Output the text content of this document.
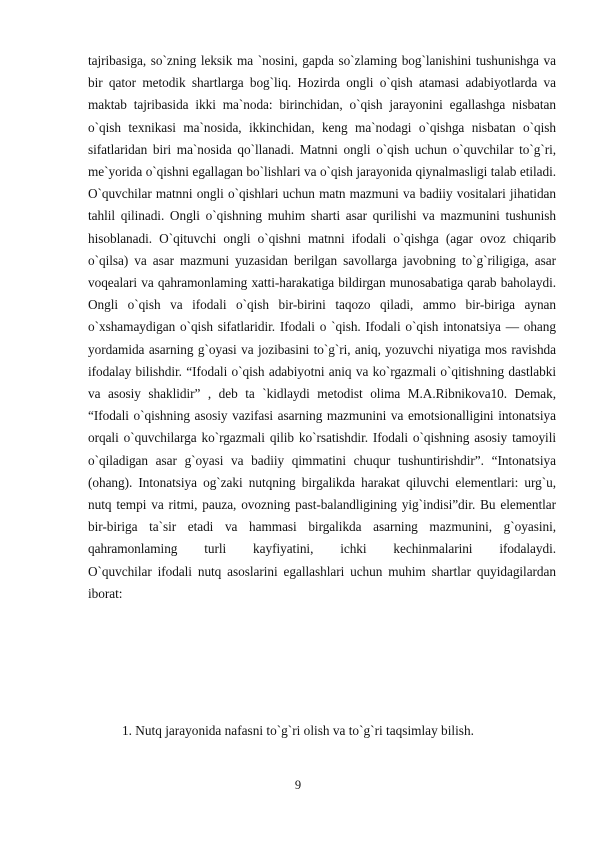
tajribasiga, so`zning leksik ma `nosini, gapda so`zlaming bog`lanishini tushunishga va bir qator metodik shartlarga bog`liq. Hozirda ongli o`qish atamasi adabiyotlarda va maktab tajribasida ikki ma`noda: birinchidan, o`qish jarayonini egallashga nisbatan o`qish texnikasi ma`nosida, ikkinchidan, keng ma`nodagi o`qishga nisbatan o`qish sifatlaridan biri ma`nosida qo`llanadi. Matnni ongli o`qish uchun o`quvchilar to`g`ri, me`yorida o`qishni egallagan bo`lishlari va o`qish jarayonida qiynalmasligi talab etiladi. O`quvchilar matnni ongli o`qishlari uchun matn mazmuni va badiiy vositalari jihatidan tahlil qilinadi. Ongli o`qishning muhim sharti asar qurilishi va mazmunini tushunish hisoblanadi. O`qituvchi ongli o`qishni matnni ifodali o`qishga (agar ovoz chiqarib o`qilsa) va asar mazmuni yuzasidan berilgan savollarga javobning to`g`riligiga, asar voqealari va qahramonlaming xatti-harakatiga bildirgan munosabatiga qarab baholaydi. Ongli o`qish va ifodali o`qish bir-birini taqozo qiladi, ammo bir-biriga aynan o`xshamaydigan o`qish sifatlaridir. Ifodali o `qish. Ifodali o`qish intonatsiya — ohang yordamida asarning g`oyasi va jozibasini to`g`ri, aniq, yozuvchi niyatiga mos ravishda ifodalay bilishdir. “Ifodali o`qish adabiyotni aniq va ko`rgazmali o`qitishning dastlabki va asosiy shaklidir” , deb ta `kidlaydi metodist olima M.A.Ribnikova10. Demak, “Ifodali o`qishning asosiy vazifasi asarning mazmunini va emotsionalligini intonatsiya orqali o`quvchilarga ko`rgazmali qilib ko`rsatishdir. Ifodali o`qishning asosiy tamoyili o`qiladigan asar g`oyasi va badiiy qimmatini chuqur tushuntirishdir”. “Intonatsiya (ohang). Intonatsiya og`zaki nutqning birgalikda harakat qiluvchi elementlari: urg`u, nutq tempi va ritmi, pauza, ovozning past-balandligining yig`indisi”dir. Bu elementlar bir-biriga ta`sir etadi va hammasi birgalikda asarning mazmunini, g`oyasini, qahramonlaming turli kayfiyatini, ichki kechinmalarini ifodalaydi.

O`quvchilar ifodali nutq asoslarini egallashlari uchun muhim shartlar quyidagilardan iborat:

1. Nutq jarayonida nafasni to`g`ri olish va to`g`ri taqsimlay bilish.

9
